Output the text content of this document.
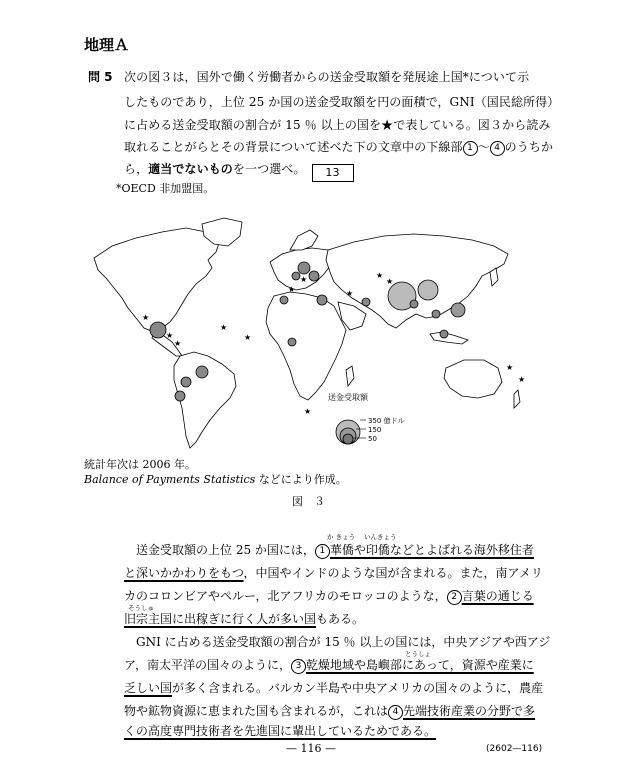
地理Ａ
問 5 次の図３は，国外で働く労働者からの送金受取額を発展途上国*について示
したものであり，上位 25 か国の送金受取額を円の面積で，GNI（国民総所得）
に占める送金受取額の割合が 15 ％ 以上の国を★で表している。図３から読み
取れることがらとその背景について述べた下の文章中の下線部 1 ～ 4 のうちか
ら，適当でないものを一つ選べ。 13
*OECD 非加盟国。
★
★
★
★
★
★
★
★
★
★
★
★
★
送金受取額
350 億ドル
150
50
統計年次は 2006 年。
Balance of Payments Statistics などにより作成。
図　３
か きょう いんきょう
送金受取額の上位 25 か国には， 1 華僑や印僑などとよばれる海外移住者
と深いかかわりをもつ，中国やインドのような国が含まれる。また，南アメリ
カのコロンビアやペルー，北アフリカのモロッコのような， 2 言葉の通じる
そうしゅ
旧宗主国に出稼ぎに行く人が多い国もある。
GNI に占める送金受取額の割合が 15 ％ 以上の国には，中央アジアや西アジ
とうしょ
ア，南太平洋の国々のように， 3 乾燥地域や島嶼部にあって，資源や産業に
乏しい国が多く含まれる。バルカン半島や中央アメリカの国々のように，農産
物や鉱物資源に恵まれた国も含まれるが，これは 4 先端技術産業の分野で多
くの高度専門技術者を先進国に輩出しているためである。
— 116 —	(2602—116)
